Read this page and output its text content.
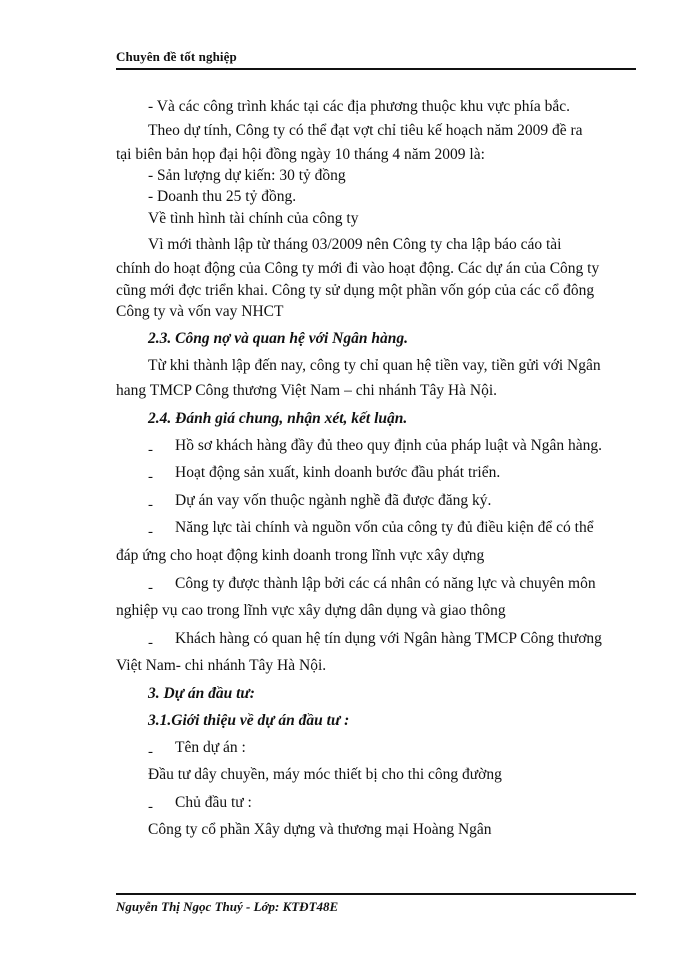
Chuyên đề tốt nghiệp
- Và các công trình khác tại các địa phương thuộc khu vực phía bắc.
Theo dự tính, Công ty có thể đạt vợt chỉ tiêu kế hoạch năm 2009 đề ra
tại biên bản họp đại hội đồng ngày 10 tháng 4 năm 2009 là:
- Sản lượng dự kiến: 30 tỷ đồng
- Doanh thu 25 tỷ đồng.
Về tình hình tài chính của công ty
Vì mới thành lập từ tháng 03/2009 nên Công ty cha lập báo cáo tài
chính do hoạt động của Công ty mới đi vào hoạt động. Các dự án của Công ty
cũng mới đợc triển khai. Công ty sử dụng một phần vốn góp của các cổ đông
Công ty và vốn vay NHCT
2.3. Công nợ và quan hệ với Ngân hàng.
Từ khi thành lập đến nay, công ty chỉ quan hệ tiền vay, tiền gửi với Ngân
hang TMCP Công thương Việt Nam – chi nhánh Tây Hà Nội.
2.4. Đánh giá chung, nhận xét, kết luận.
- Hồ sơ khách hàng đầy đủ theo quy định của pháp luật và Ngân hàng.
- Hoạt động sản xuất, kinh doanh bước đầu phát triển.
- Dự án vay vốn thuộc ngành nghề đã được đăng ký.
- Năng lực tài chính và nguồn vốn của công ty đủ điều kiện để có thể
đáp ứng cho hoạt động kinh doanh trong lĩnh vực xây dựng
- Công ty được thành lập bởi các cá nhân có năng lực và chuyên môn
nghiệp vụ cao trong lĩnh vực xây dựng dân dụng và giao thông
- Khách hàng có quan hệ tín dụng với Ngân hàng TMCP Công thương
Việt Nam- chi nhánh Tây Hà Nội.
3. Dự án đầu tư:
3.1.Giới thiệu về dự án đầu tư :
- Tên dự án :
Đầu tư dây chuyền, máy móc thiết bị cho thi công đường
- Chủ đầu tư :
Công ty cổ phần Xây dựng và thương mại Hoàng Ngân
Nguyễn Thị Ngọc Thuý - Lớp: KTĐT48E
